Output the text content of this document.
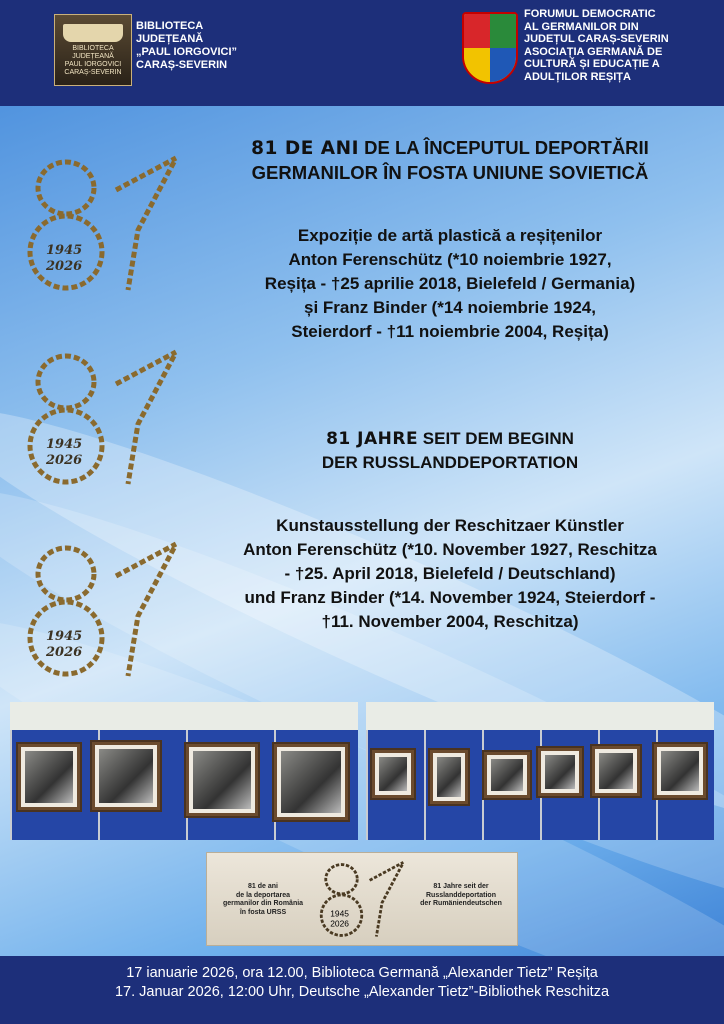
BIBLIOTECA
JUDEȚEANĂ
PAUL IORGOVICI
CARAȘ-SEVERIN
BIBLIOTECA
JUDEȚEANĂ
„PAUL IORGOVICI”
CARAȘ-SEVERIN
FORUMUL DEMOCRATIC
AL GERMANILOR DIN
JUDEȚUL CARAȘ-SEVERIN
ASOCIAȚIA GERMANĂ DE
CULTURĂ ȘI EDUCAȚIE A
ADULȚILOR REȘIȚA
1945
2026
1945
2026
1945
2026
81 DE ANI DE LA ÎNCEPUTUL DEPORTĂRII
GERMANILOR ÎN FOSTA UNIUNE SOVIETICĂ
Expoziție de artă plastică a reșițenilor
Anton Ferenschütz (*10 noiembrie 1927,
Reșița - †25 aprilie 2018, Bielefeld / Germania)
și Franz Binder (*14 noiembrie 1924,
Steierdorf - †11 noiembrie 2004, Reșița)
81 JAHRE SEIT DEM BEGINN
DER RUSSLANDDEPORTATION
Kunstausstellung der Reschitzaer Künstler
Anton Ferenschütz (*10. November 1927, Reschitza
- †25. April 2018, Bielefeld / Deutschland)
und Franz Binder (*14. November 1924, Steierdorf -
†11. November 2004, Reschitza)
81 de ani
de la deportarea
germanilor din România
în fosta URSS	1945
2026
81 Jahre seit der
Russlanddeportation
der Rumäniendeutschen
17 ianuarie 2026, ora 12.00, Biblioteca Germană „Alexander Tietz” Reșița
17. Januar 2026, 12:00 Uhr, Deutsche „Alexander Tietz”-Bibliothek Reschitza
